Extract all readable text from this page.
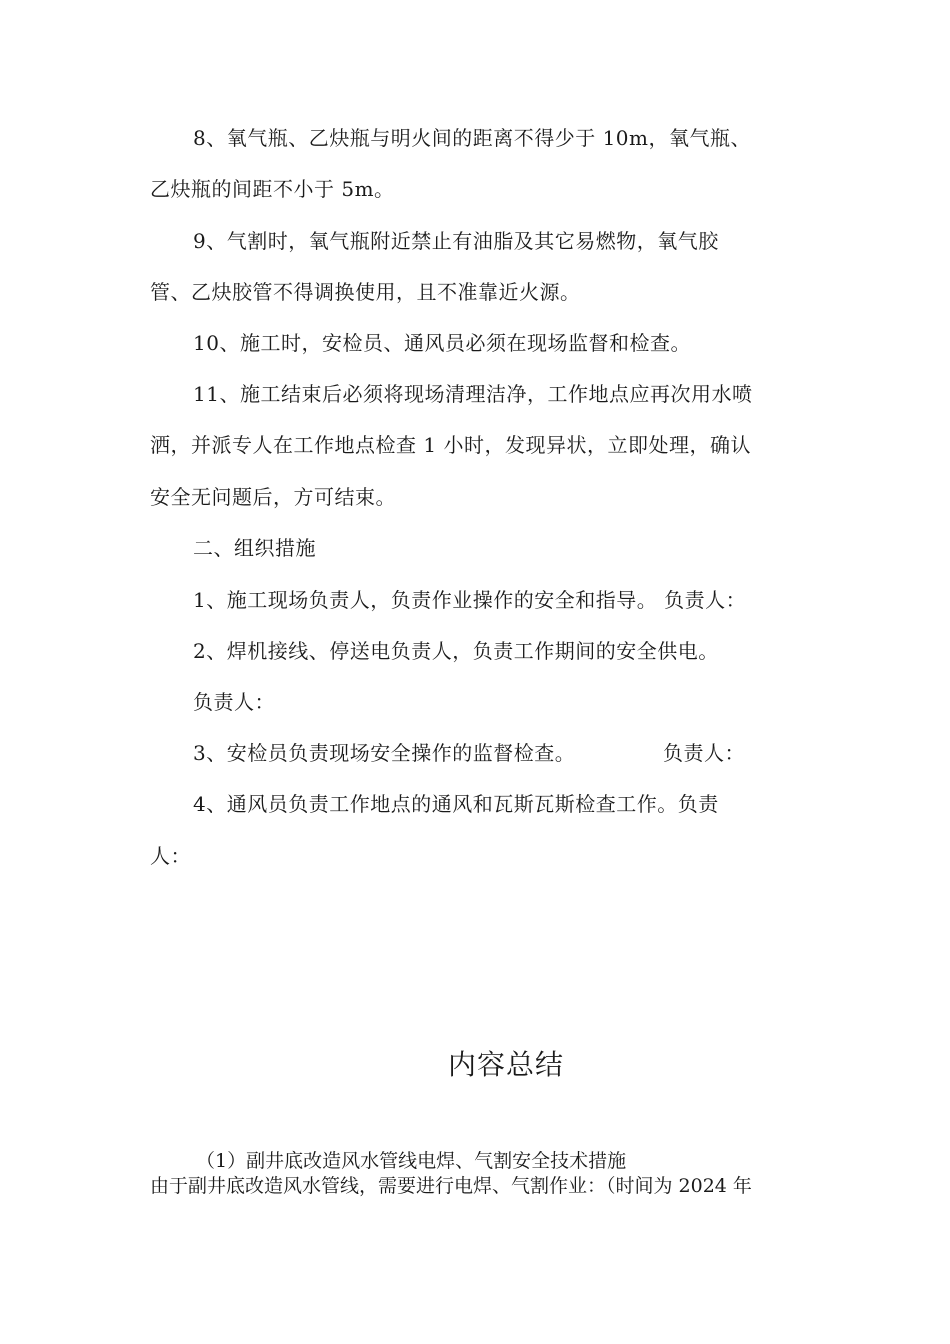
8、氧气瓶、乙炔瓶与明火间的距离不得少于 10m，氧气瓶、
乙炔瓶的间距不小于 5m。
9、气割时，氧气瓶附近禁止有油脂及其它易燃物，氧气胶
管、乙炔胶管不得调换使用，且不准靠近火源。
10、施工时，安检员、通风员必须在现场监督和检查。
11、施工结束后必须将现场清理洁净，工作地点应再次用水喷
洒，并派专人在工作地点检查 1 小时，发现异状，立即处理，确认
安全无问题后，方可结束。
二、组织措施
1、施工现场负责人，负责作业操作的安全和指导。 负责人：
2、焊机接线、停送电负责人，负责工作期间的安全供电。
负责人：
3、安检员负责现场安全操作的监督检查。	负责人：
4、通风员负责工作地点的通风和瓦斯瓦斯检查工作。负责
人：
内容总结
（1）副井底改造风水管线电焊、气割安全技术措施
由于副井底改造风水管线，需要进行电焊、气割作业：（时间为 2024 年
